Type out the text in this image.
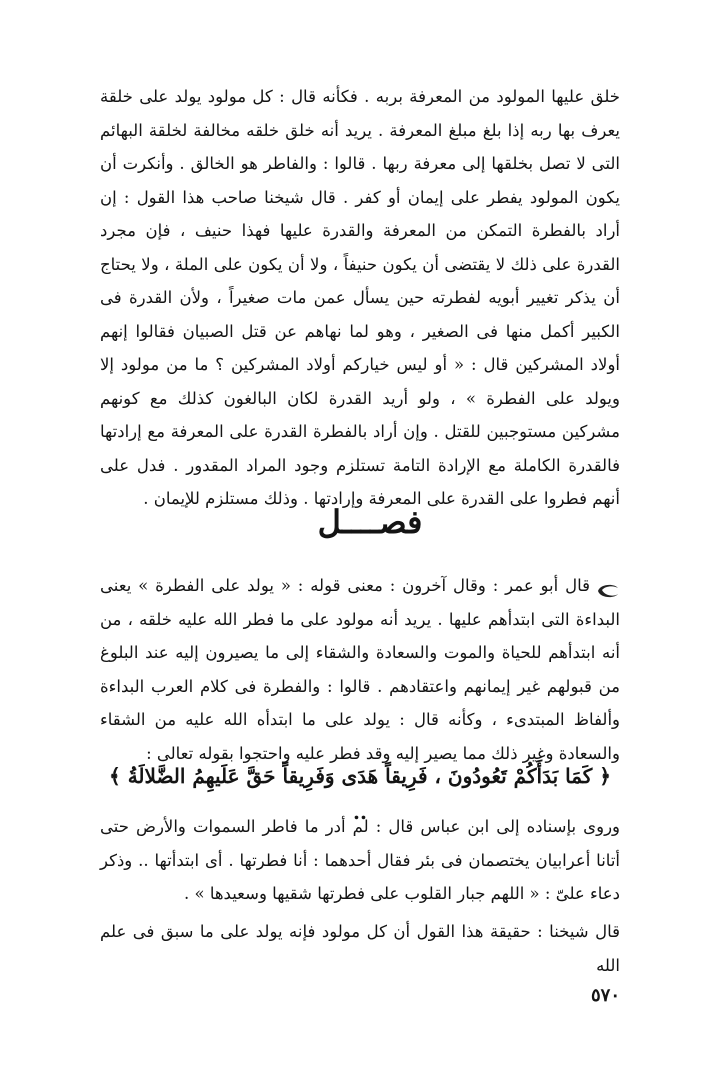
خلق عليها المولود من المعرفة بربه . فكأنه قال : كل مولود يولد على خلقة يعرف بها ربه إذا بلغ مبلغ المعرفة . يريد أنه خلق خلقه مخالفة لخلقة البهائم التى لا تصل بخلقها إلى معرفة ربها . قالوا : والفاطر هو الخالق . وأنكرت أن يكون المولود يفطر على إيمان أو كفر . قال شيخنا صاحب هذا القول : إن أراد بالفطرة التمكن من المعرفة والقدرة عليها فهذا حنيف ، فإن مجرد القدرة على ذلك لا يقتضى أن يكون حنيفاً ، ولا أن يكون على الملة ، ولا يحتاج أن يذكر تغيير أبويه لفطرته حين يسأل عمن مات صغيراً ، ولأن القدرة فى الكبير أكمل منها فى الصغير ، وهو لما نهاهم عن قتل الصبيان فقالوا إنهم أولاد المشركين قال : « أو ليس خياركم أولاد المشركين ؟ ما من مولود إلا ويولد على الفطرة » ، ولو أريد القدرة لكان البالغون كذلك مع كونهم مشركين مستوجبين للقتل . وإن أراد بالفطرة القدرة على المعرفة مع إرادتها فالقدرة الكاملة مع الإرادة التامة تستلزم وجود المراد المقدور . فدل على أنهم فطروا على القدرة على المعرفة وإرادتها . وذلك مستلزم للإيمان .
فصــــل
قال أبو عمر : وقال آخرون : معنى قوله : « يولد على الفطرة » يعنى البداءة التى ابتدأهم عليها . يريد أنه مولود على ما فطر الله عليه خلقه ، من أنه ابتدأهم للحياة والموت والسعادة والشقاء إلى ما يصيرون إليه عند البلوغ من قبولهم غير إيمانهم واعتقادهم . قالوا : والفطرة فى كلام العرب البداءة وألفاظ المبتدىء ، وكأنه قال : يولد على ما ابتدأه الله عليه من الشقاء والسعادة وغير ذلك مما يصير إليه وقد فطر عليه واحتجوا بقوله تعالى :
﴿ كَمَا بَدَأَكُمْ تَعُودُونَ ، فَرِيقاً هَدَى وَفَرِيقاً حَقَّ عَلَيهِمُ الضَّلالَةُ ﴾ ..
وروى بإسناده إلى ابن عباس قال : لم أدر ما فاطر السموات والأرض حتى أتانا أعرابيان يختصمان فى بئر فقال أحدهما : أنا فطرتها . أى ابتدأتها .. وذكر دعاء علىّ : « اللهم جبار القلوب على فطرتها شقيها وسعيدها » .
قال شيخنا : حقيقة هذا القول أن كل مولود فإنه يولد على ما سبق فى علم الله
٥٧٠
